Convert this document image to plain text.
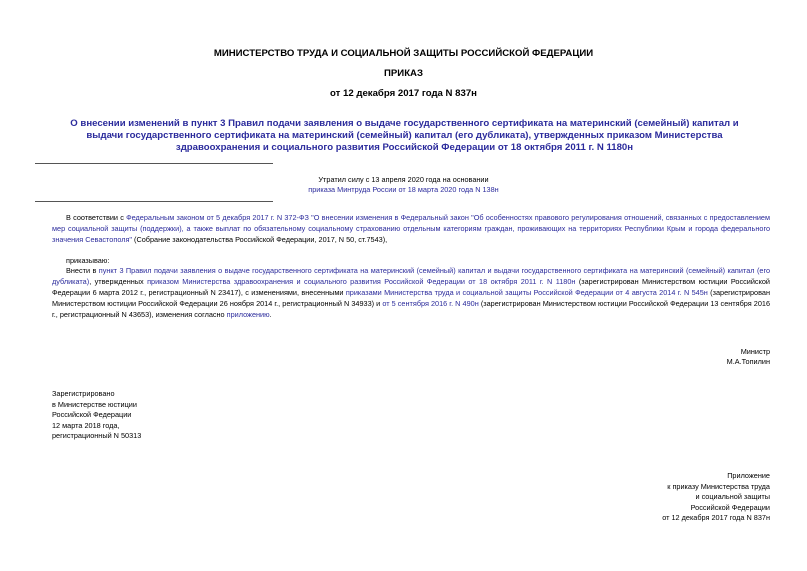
МИНИСТЕРСТВО ТРУДА И СОЦИАЛЬНОЙ ЗАЩИТЫ РОССИЙСКОЙ ФЕДЕРАЦИИ
ПРИКАЗ
от 12 декабря 2017 года N 837н
О внесении изменений в пункт 3 Правил подачи заявления о выдаче государственного сертификата на материнский (семейный) капитал и выдачи государственного сертификата на материнский (семейный) капитал (его дубликата), утвержденных приказом Министерства здравоохранения и социального развития Российской Федерации от 18 октября 2011 г. N 1180н
Утратил силу с 13 апреля 2020 года на основании
приказа Минтруда России от 18 марта 2020 года N 138н
В соответствии с Федеральным законом от 5 декабря 2017 г. N 372-ФЗ "О внесении изменения в Федеральный закон "Об особенностях правового регулирования отношений, связанных с предоставлением мер социальной защиты (поддержки), а также выплат по обязательному социальному страхованию отдельным категориям граждан, проживающих на территориях Республики Крым и города федерального значения Севастополя" (Собрание законодательства Российской Федерации, 2017, N 50, ст.7543),
приказываю:
Внести в пункт 3 Правил подачи заявления о выдаче государственного сертификата на материнский (семейный) капитал и выдачи государственного сертификата на материнский (семейный) капитал (его дубликата), утвержденных приказом Министерства здравоохранения и социального развития Российской Федерации от 18 октября 2011 г. N 1180н (зарегистрирован Министерством юстиции Российской Федерации 6 марта 2012 г., регистрационный N 23417), с изменениями, внесенными приказами Министерства труда и социальной защиты Российской Федерации от 4 августа 2014 г. N 545н (зарегистрирован Министерством юстиции Российской Федерации 26 ноября 2014 г., регистрационный N 34933) и от 5 сентября 2016 г. N 490н (зарегистрирован Министерством юстиции Российской Федерации 13 сентября 2016 г., регистрационный N 43653), изменения согласно приложению.
Министр
М.А.Топилин
Зарегистрировано
в Министерстве юстиции
Российской Федерации
12 марта 2018 года,
регистрационный N 50313
Приложение
к приказу Министерства труда
и социальной защиты
Российской Федерации
от 12 декабря 2017 года N 837н
